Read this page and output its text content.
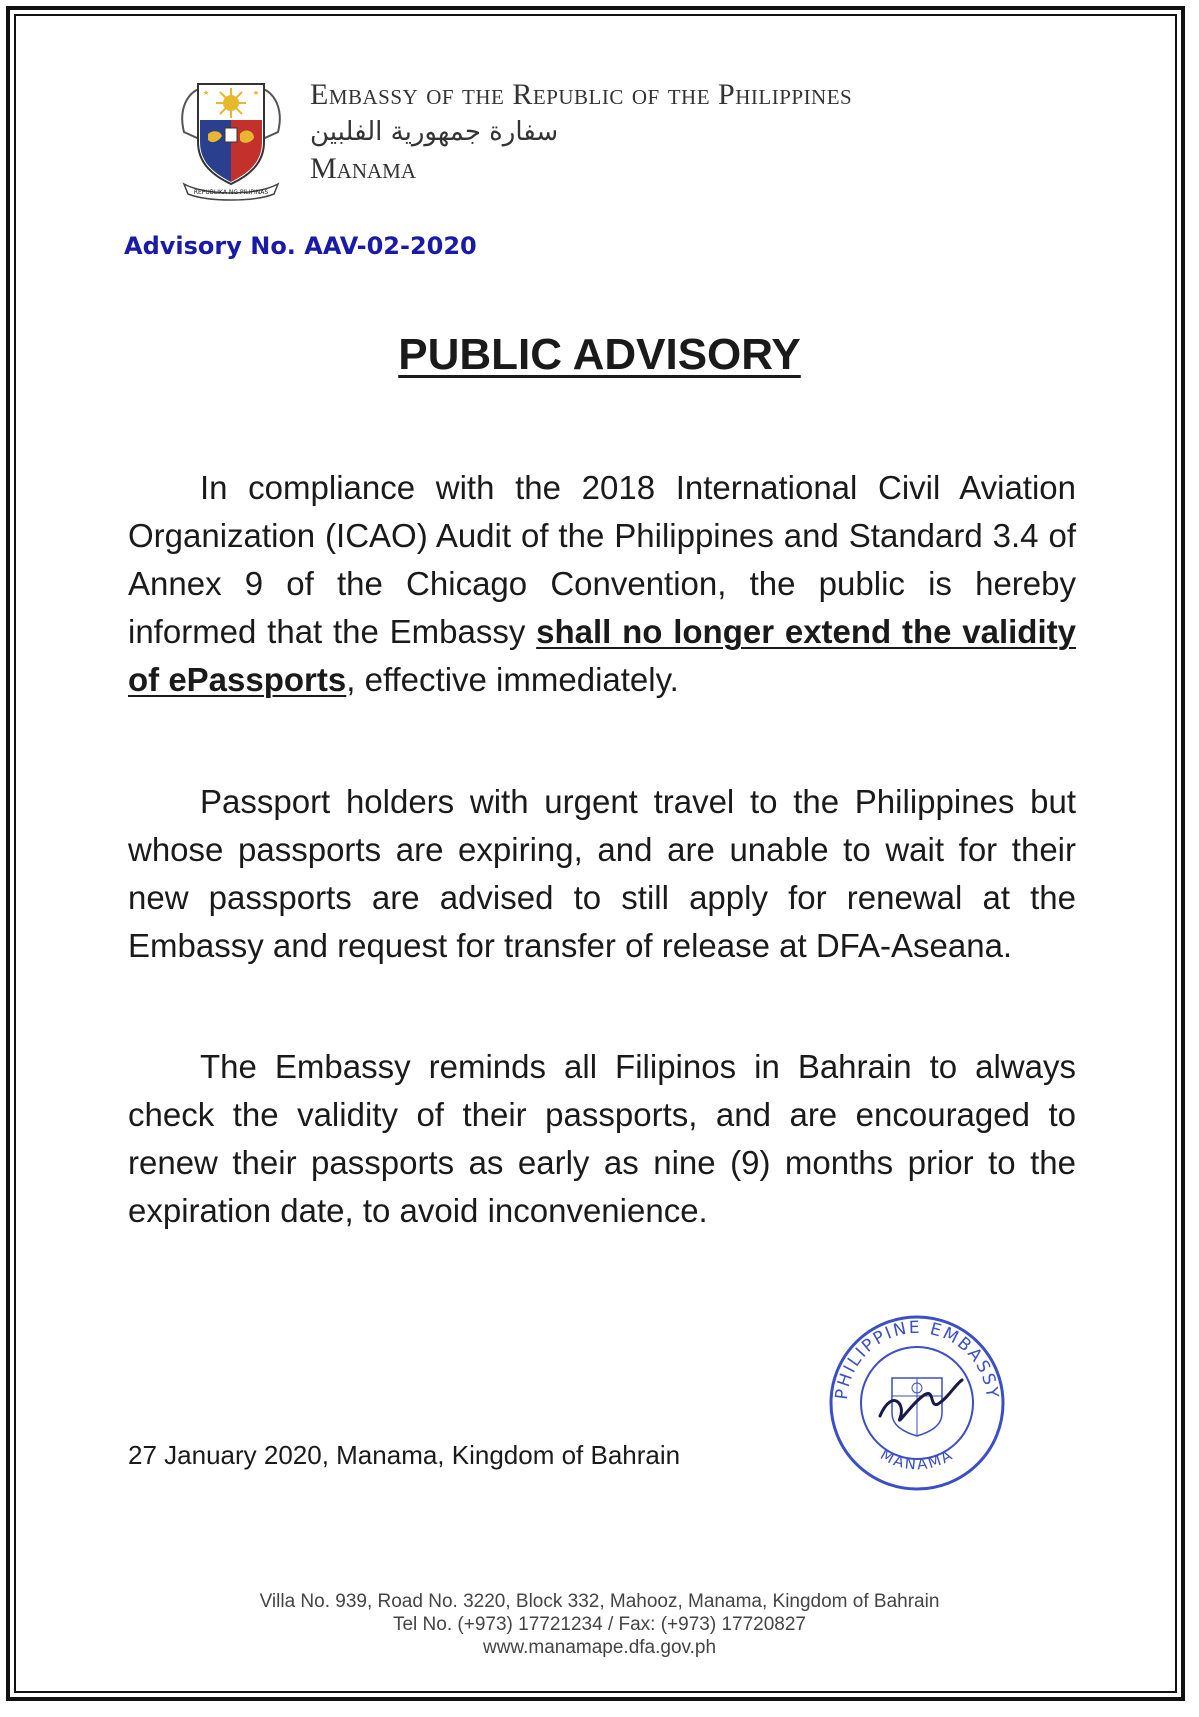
REPUBLIKA NG PILIPINAS
Embassy of the Republic of the Philippines
سفارة جمهورية الفلبين
Manama
Advisory No. AAV-02-2020
PUBLIC ADVISORY

In compliance with the 2018 International Civil Aviation Organization (ICAO) Audit of the Philippines and Standard 3.4 of Annex 9 of the Chicago Convention, the public is hereby informed that the Embassy shall no longer extend the validity of ePassports, effective immediately.

Passport holders with urgent travel to the Philippines but whose passports are expiring, and are unable to wait for their new passports are advised to still apply for renewal at the Embassy and request for transfer of release at DFA-Aseana.

The Embassy reminds all Filipinos in Bahrain to always check the validity of their passports, and are encouraged to renew their passports as early as nine (9) months prior to the expiration date, to avoid inconvenience.

27 January 2020, Manama, Kingdom of Bahrain
PHILIPPINE EMBASSY
MANAMA
Villa No. 939, Road No. 3220, Block 332, Mahooz, Manama, Kingdom of Bahrain
Tel No. (+973) 17721234 / Fax: (+973) 17720827
www.manamape.dfa.gov.ph
